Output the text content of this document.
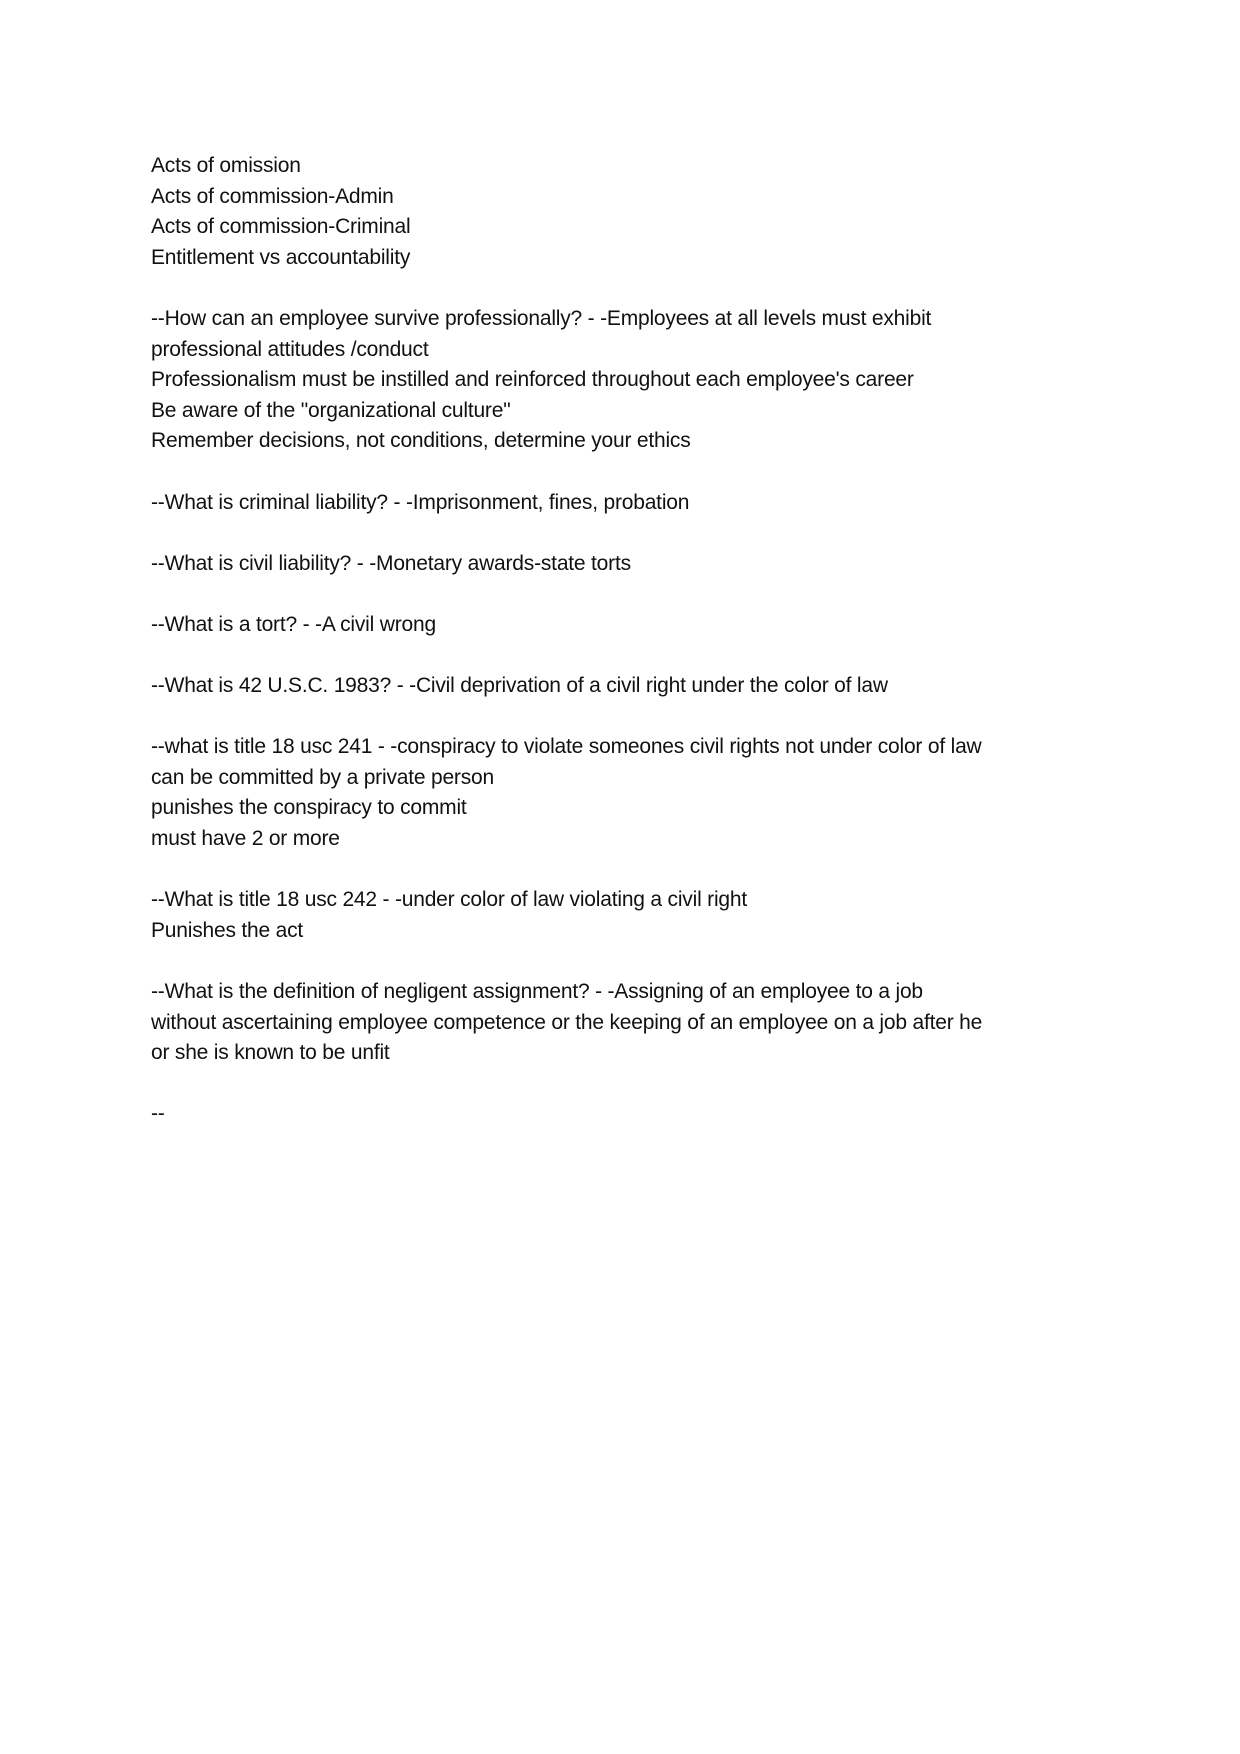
Acts of omission
Acts of commission-Admin
Acts of commission-Criminal
Entitlement vs accountability
--How can an employee survive professionally? - -Employees at all levels must exhibit
professional attitudes /conduct
Professionalism must be instilled and reinforced throughout each employee's career
Be aware of the "organizational culture"
Remember decisions, not conditions, determine your ethics
--What is criminal liability? - -Imprisonment, fines, probation
--What is civil liability? - -Monetary awards-state torts
--What is a tort? - -A civil wrong
--What is 42 U.S.C. 1983? - -Civil deprivation of a civil right under the color of law
--what is title 18 usc 241 - -conspiracy to violate someones civil rights not under color of law
can be committed by a private person
punishes the conspiracy to commit
must have 2 or more
--What is title 18 usc 242 - -under color of law violating a civil right
Punishes the act
--What is the definition of negligent assignment? - -Assigning of an employee to a job
without ascertaining employee competence or the keeping of an employee on a job after he
or she is known to be unfit
--
